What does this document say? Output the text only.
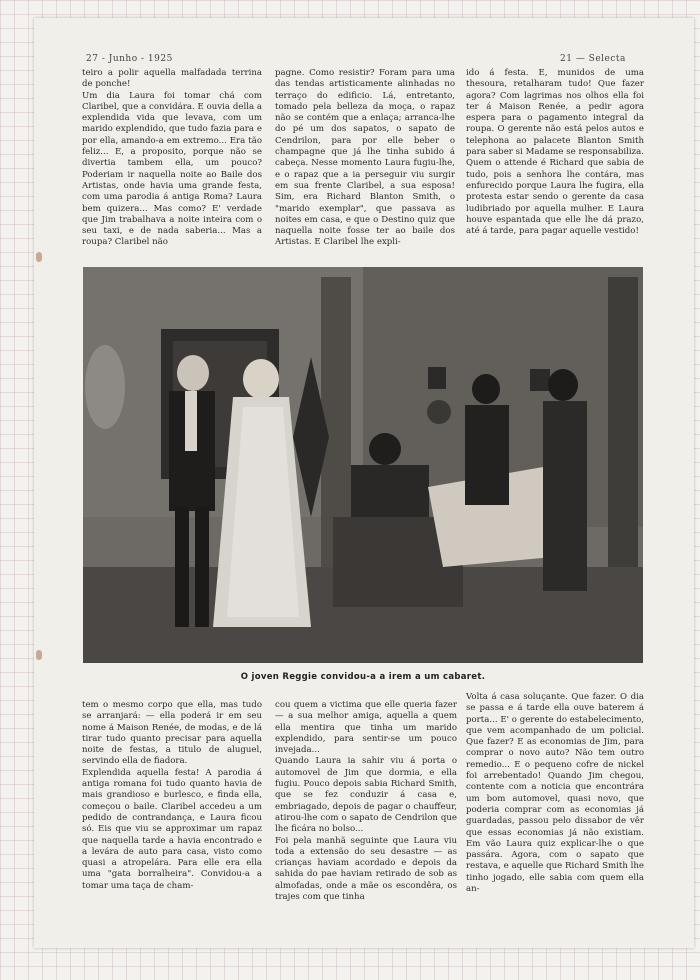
27 - Junho - 1925	21 — Selecta
teiro a polir aquella malfadada terrina de ponche!
Um dia Laura foi tomar chá com Claribel, que a convidára. E ouvia della a explendida vida que levava, com um marido explendido, que tudo fazia para e por ella, amando-a em extremo... Era tão feliz... E, a proposito, porque não se divertia tambem ella, um pouco? Poderiam ir naquella noite ao Baile dos Artistas, onde havia uma grande festa, com uma parodia á antiga Roma? Laura bem quizera... Mas como? E' verdade que Jim trabalhava a noite inteira com o seu taxi, e de nada saberia... Mas a roupa? Claribel não
pagne. Como resistir? Foram para uma das tendas artisticamente alinhadas no terraço do edificio. Lá, entretanto, tomado pela belleza da moça, o rapaz não se contém que a enlaça; arranca-lhe do pé um dos sapatos, o sapato de Cendrilon, para por elle beber o champagne que já lhe tinha subido á cabeça. Nesse momento Laura fugiu-lhe, e o rapaz que a ia perseguir viu surgir em sua frente Claribel, a sua esposa! Sim, era Richard Blanton Smith, o "marido exemplar", que passava as noites em casa, e que o Destino quiz que naquella noite fosse ter ao baile dos Artistas. E Claribel lhe expli-
ido á festa. E, munidos de uma thesoura, retalharam tudo! Que fazer agora? Com lagrimas nos olhos ella foi ter á Maison Renée, a pedir agora espera para o pagamento integral da roupa. O gerente não está pelos autos e telephona ao palacete Blanton Smith para saber si Madame se responsabiliza. Quem o attende é Richard que sabia de tudo, pois a senhora lhe contára, mas enfurecido porque Laura lhe fugira, ella protesta estar sendo o gerente da casa ludibriado por aquella mulher. E Laura houve espantada que elle lhe dá prazo, até á tarde, para pagar aquelle vestido!
O joven Reggie convidou-a a irem a um cabaret.
tem o mesmo corpo que ella, mas tudo se arranjará: — ella poderá ir em seu nome á Maison Renée, de modas, e de lá tirar tudo quanto precisar para aquella noite de festas, a titulo de aluguel, servindo ella de fiadora.
Explendida aquella festa! A parodia á antiga romana foi tudo quanto havia de mais grandioso e burlesco, e finda ella, começou o baile. Claribel accedeu a um pedido de contrandança, e Laura ficou só. Eis que viu se approximar um rapaz que naquella tarde a havia encontrado e a levára de auto para casa, visto como quasi a atropelára. Para elle era ella uma "gata borralheira". Convidou-a a tomar uma taça de cham-
cou quem a victima que elle queria fazer — a sua melhor amiga, aquella a quem ella mentira que tinha um marido explendido, para sentir-se um pouco invejada...
Quando Laura ia sahir viu á porta o automovel de Jim que dormia, e ella fugiu. Pouco depois sabia Richard Smith, que se fez conduzir á casa e, embriagado, depois de pagar o chauffeur, atirou-lhe com o sapato de Cendrilon que lhe ficára no bolso...
Foi pela manhã seguinte que Laura viu toda a extensão do seu desastre — as crianças haviam acordado e depois da sahida do pae haviam retirado de sob as almofadas, onde a mãe os escondêra, os trajes com que tinha
Volta á casa soluçante. Que fazer. O dia se passa e á tarde ella ouve baterem á porta... E' o gerente do estabelecimento, que vem acompanhado de um policial. Que fazer? E as economias de Jim, para comprar o novo auto? Não tem outro remedio... E o pequeno cofre de nickel foi arrebentado! Quando Jim chegou, contente com a noticia que encontrára um bom automovel, quasi novo, que poderia comprar com as economias já guardadas, passou pelo dissabor de vêr que essas economias já não existiam. Em vão Laura quiz explicar-lhe o que passára. Agora, com o sapato que restava, e aquelle que Richard Smith lhe tinho jogado, elle sabia com quem ella an-
